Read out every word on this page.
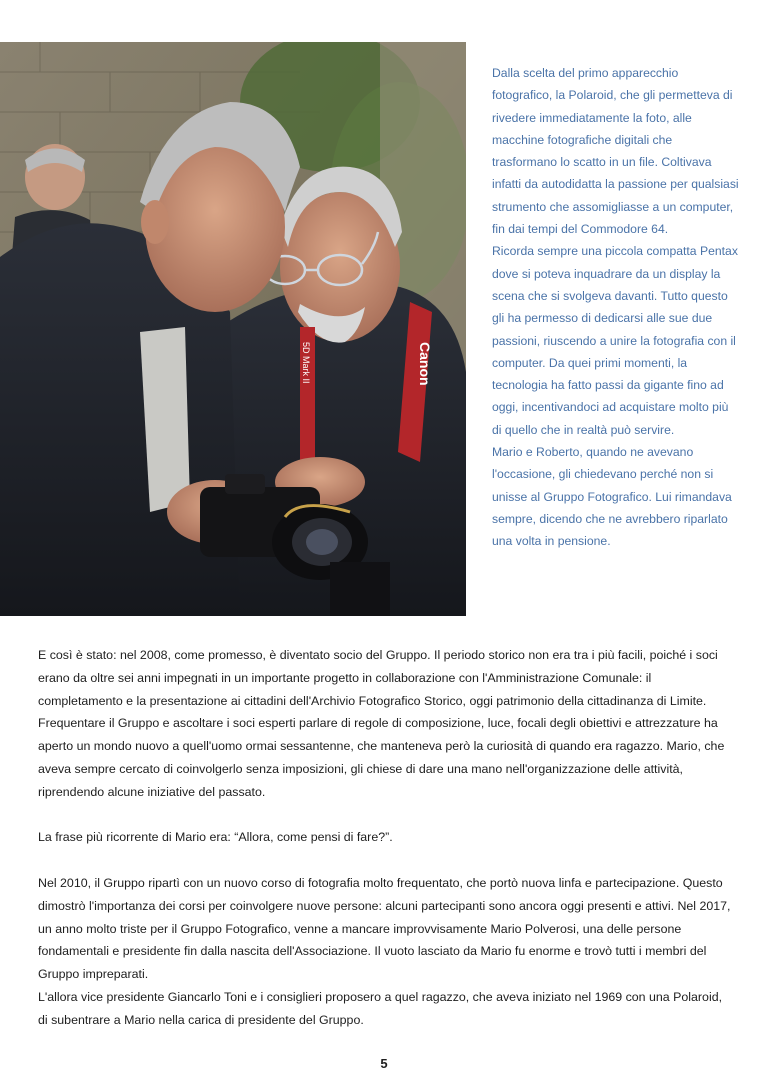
Canon
5D Mark II

Dalla scelta del primo apparecchio fotografico, la Polaroid, che gli permetteva di rivedere immediatamente la foto, alle macchine fotografiche digitali che trasformano lo scatto in un file. Coltivava infatti da autodidatta la passione per qualsiasi strumento che assomigliasse a un computer, fin dai tempi del Commodore 64.

Ricorda sempre una piccola compatta Pentax dove si poteva inquadrare da un display la scena che si svolgeva davanti. Tutto questo gli ha permesso di dedicarsi alle sue due passioni, riuscendo a unire la fotografia con il computer. Da quei primi momenti, la tecnologia ha fatto passi da gigante fino ad oggi, incentivandoci ad acquistare molto più di quello che in realtà può servire.

Mario e Roberto, quando ne avevano l'occasione, gli chiedevano perché non si unisse al Gruppo Fotografico. Lui rimandava sempre, dicendo che ne avrebbero riparlato una volta in pensione.

E così è stato: nel 2008, come promesso, è diventato socio del Gruppo. Il periodo storico non era tra i più facili, poiché i soci erano da oltre sei anni impegnati in un importante progetto in collaborazione con l'Amministrazione Comunale: il completamento e la presentazione ai cittadini dell'Archivio Fotografico Storico, oggi patrimonio della cittadinanza di Limite. Frequentare il Gruppo e ascoltare i soci esperti parlare di regole di composizione, luce, focali degli obiettivi e attrezzature ha aperto un mondo nuovo a quell'uomo ormai sessantenne, che manteneva però la curiosità di quando era ragazzo. Mario, che aveva sempre cercato di coinvolgerlo senza imposizioni, gli chiese di dare una mano nell'organizzazione delle attività, riprendendo alcune iniziative del passato.

La frase più ricorrente di Mario era: “Allora, come pensi di fare?”.

Nel 2010, il Gruppo ripartì con un nuovo corso di fotografia molto frequentato, che portò nuova linfa e partecipazione. Questo dimostrò l'importanza dei corsi per coinvolgere nuove persone: alcuni partecipanti sono ancora oggi presenti e attivi. Nel 2017, un anno molto triste per il Gruppo Fotografico, venne a mancare improvvisamente Mario Polverosi, una delle persone fondamentali e presidente fin dalla nascita dell'Associazione. Il vuoto lasciato da Mario fu enorme e trovò tutti i membri del Gruppo impreparati.

L'allora vice presidente Giancarlo Toni e i consiglieri proposero a quel ragazzo, che aveva iniziato nel 1969 con una Polaroid, di subentrare a Mario nella carica di presidente del Gruppo.

5
